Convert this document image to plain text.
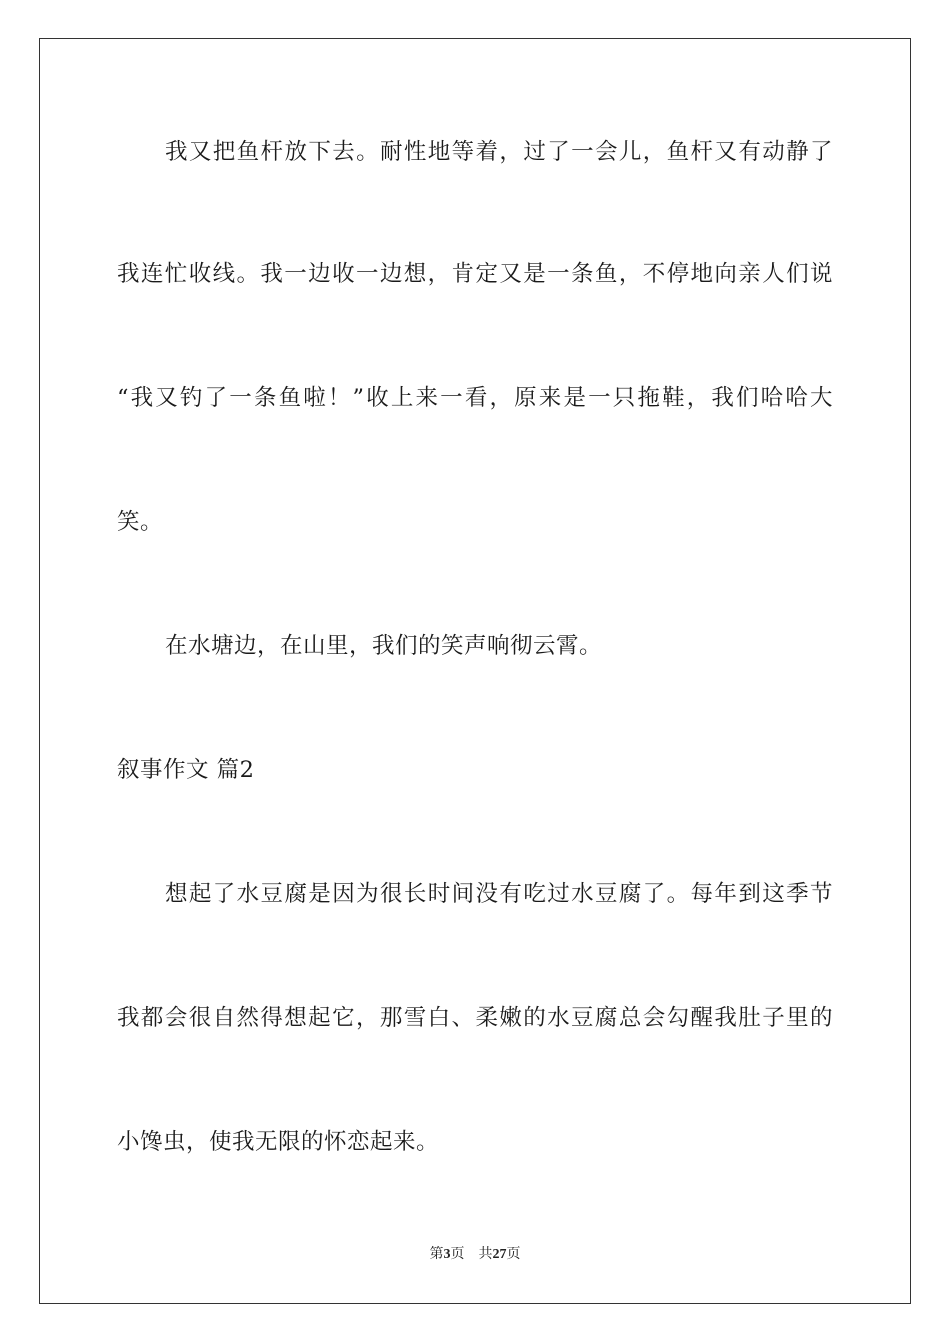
我又把鱼杆放下去。耐性地等着，过了一会儿，鱼杆又有动静了
我连忙收线。我一边收一边想，肯定又是一条鱼，不停地向亲人们说
“我又钓了一条鱼啦！”收上来一看，原来是一只拖鞋，我们哈哈大
笑。
在水塘边，在山里，我们的笑声响彻云霄。
叙事作文 篇2
想起了水豆腐是因为很长时间没有吃过水豆腐了。每年到这季节
我都会很自然得想起它，那雪白、柔嫩的水豆腐总会勾醒我肚子里的
小馋虫，使我无限的怀恋起来。
第3页 共27页
